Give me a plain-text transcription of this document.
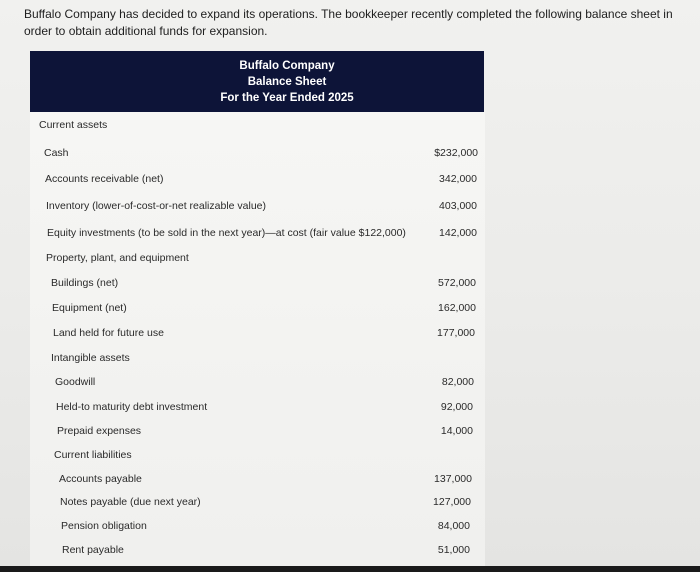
Buffalo Company has decided to expand its operations. The bookkeeper recently completed the following balance sheet in order to obtain additional funds for expansion.
Buffalo Company
Balance Sheet
For the Year Ended 2025
Current assets
Cash	$232,000
Accounts receivable (net)	342,000
Inventory (lower-of-cost-or-net realizable value)	403,000
Equity investments (to be sold in the next year)—at cost (fair value $122,000)	142,000
Property, plant, and equipment
Buildings (net)	572,000
Equipment (net)	162,000
Land held for future use	177,000
Intangible assets
Goodwill	82,000
Held-to maturity debt investment	92,000
Prepaid expenses	14,000
Current liabilities
Accounts payable	137,000
Notes payable (due next year)	127,000
Pension obligation	84,000
Rent payable	51,000
